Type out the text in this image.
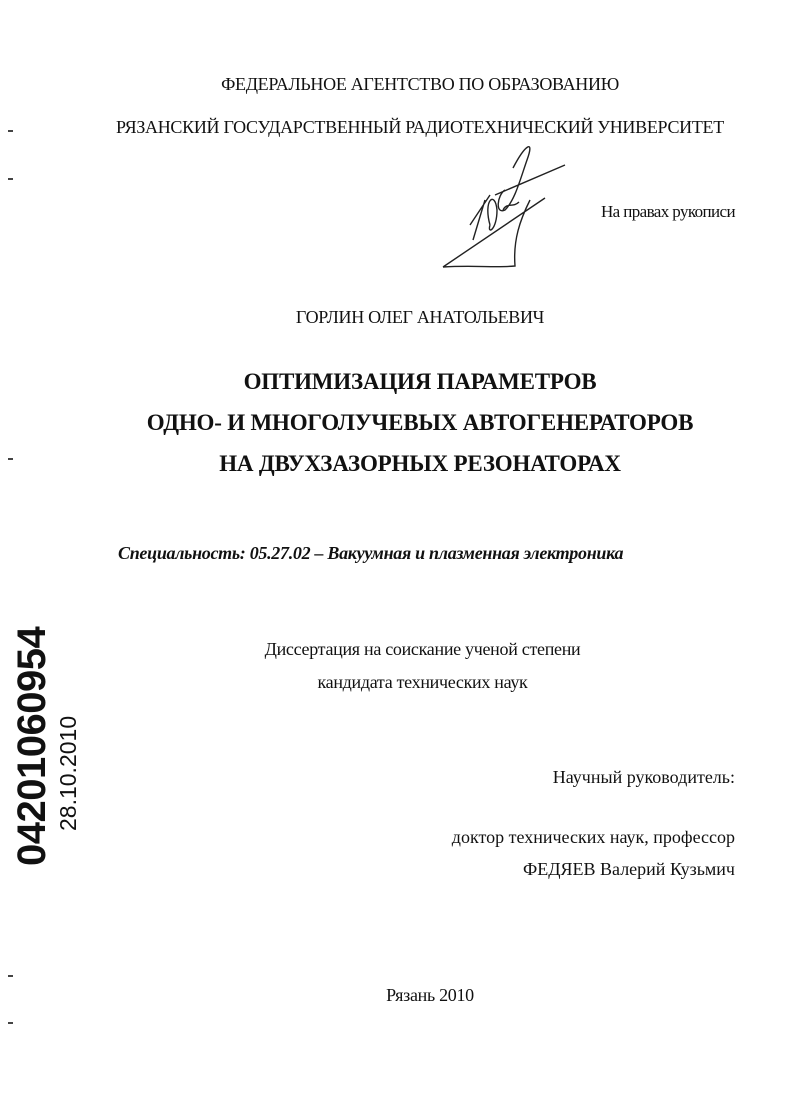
ФЕДЕРАЛЬНОЕ АГЕНТСТВО ПО ОБРАЗОВАНИЮ
РЯЗАНСКИЙ ГОСУДАРСТВЕННЫЙ РАДИОТЕХНИЧЕСКИЙ УНИВЕРСИТЕТ
На правах рукописи
ГОРЛИН ОЛЕГ АНАТОЛЬЕВИЧ
ОПТИМИЗАЦИЯ ПАРАМЕТРОВ
ОДНО- И МНОГОЛУЧЕВЫХ АВТОГЕНЕРАТОРОВ
НА ДВУХЗАЗОРНЫХ РЕЗОНАТОРАХ
Специальность: 05.27.02 – Вакуумная и плазменная электроника
Диссертация на соискание ученой степени
кандидата технических наук
Научный руководитель:
доктор технических наук, профессор
ФЕДЯЕВ Валерий Кузьмич
Рязань 2010
04201060954 28.10.2010
